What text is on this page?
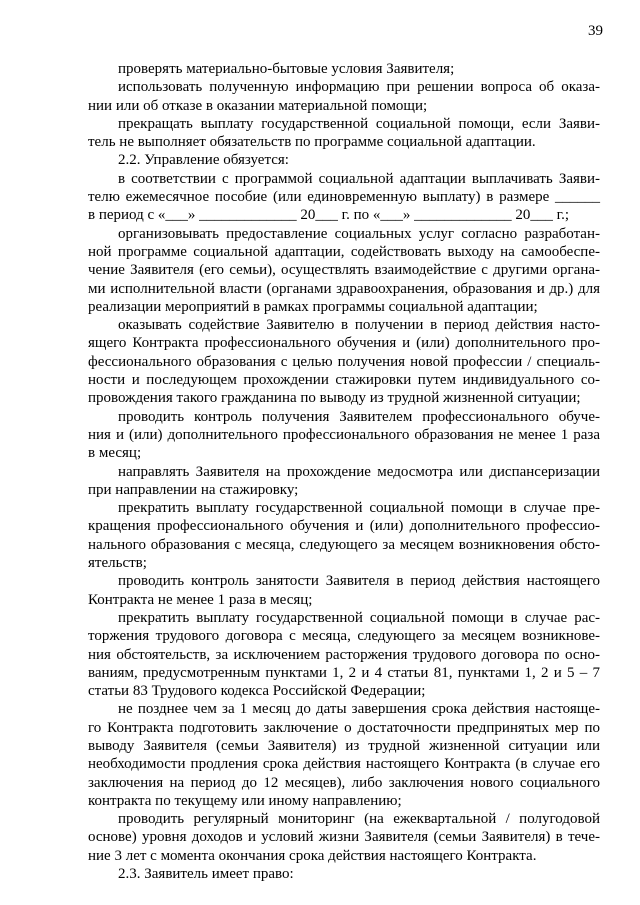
39

проверять материально-бытовые условия Заявителя;

использовать полученную информацию при решении вопроса об оказа-
нии или об отказе в оказании материальной помощи;

прекращать выплату государственной социальной помощи, если Заяви-
тель не выполняет обязательств по программе социальной адаптации.

2.2. Управление обязуется:

в соответствии с программой социальной адаптации выплачивать Заяви-
телю ежемесячное пособие (или единовременную выплату) в размере ______
в период с «___» _____________ 20___ г. по «___» _____________ 20___ г.;

организовывать предоставление социальных услуг согласно разработан-
ной программе социальной адаптации, содействовать выходу на самообеспе-
чение Заявителя (его семьи), осуществлять взаимодействие с другими органа-
ми исполнительной власти (органами здравоохранения, образования и др.) для
реализации мероприятий в рамках программы социальной адаптации;

оказывать содействие Заявителю в получении в период действия насто-
ящего Контракта профессионального обучения и (или) дополнительного про-
фессионального образования с целью получения новой профессии / специаль-
ности и последующем прохождении стажировки путем индивидуального со-
провождения такого гражданина по выводу из трудной жизненной ситуации;

проводить контроль получения Заявителем профессионального обуче-
ния и (или) дополнительного профессионального образования не менее 1 раза
в месяц;

направлять Заявителя на прохождение медосмотра или диспансеризации
при направлении на стажировку;

прекратить выплату государственной социальной помощи в случае пре-
кращения профессионального обучения и (или) дополнительного профессио-
нального образования с месяца, следующего за месяцем возникновения обсто-
ятельств;

проводить контроль занятости Заявителя в период действия настоящего
Контракта не менее 1 раза в месяц;

прекратить выплату государственной социальной помощи в случае рас-
торжения трудового договора с месяца, следующего за месяцем возникнове-
ния обстоятельств, за исключением расторжения трудового договора по осно-
ваниям, предусмотренным пунктами 1, 2 и 4 статьи 81, пунктами 1, 2 и 5 – 7
статьи 83 Трудового кодекса Российской Федерации;

не позднее чем за 1 месяц до даты завершения срока действия настояще-
го Контракта подготовить заключение о достаточности предпринятых мер по
выводу Заявителя (семьи Заявителя) из трудной жизненной ситуации или
необходимости продления срока действия настоящего Контракта (в случае его
заключения на период до 12 месяцев), либо заключения нового социального
контракта по текущему или иному направлению;

проводить регулярный мониторинг (на ежеквартальной / полугодовой
основе) уровня доходов и условий жизни Заявителя (семьи Заявителя) в тече-
ние 3 лет с момента окончания срока действия настоящего Контракта.

2.3. Заявитель имеет право:
